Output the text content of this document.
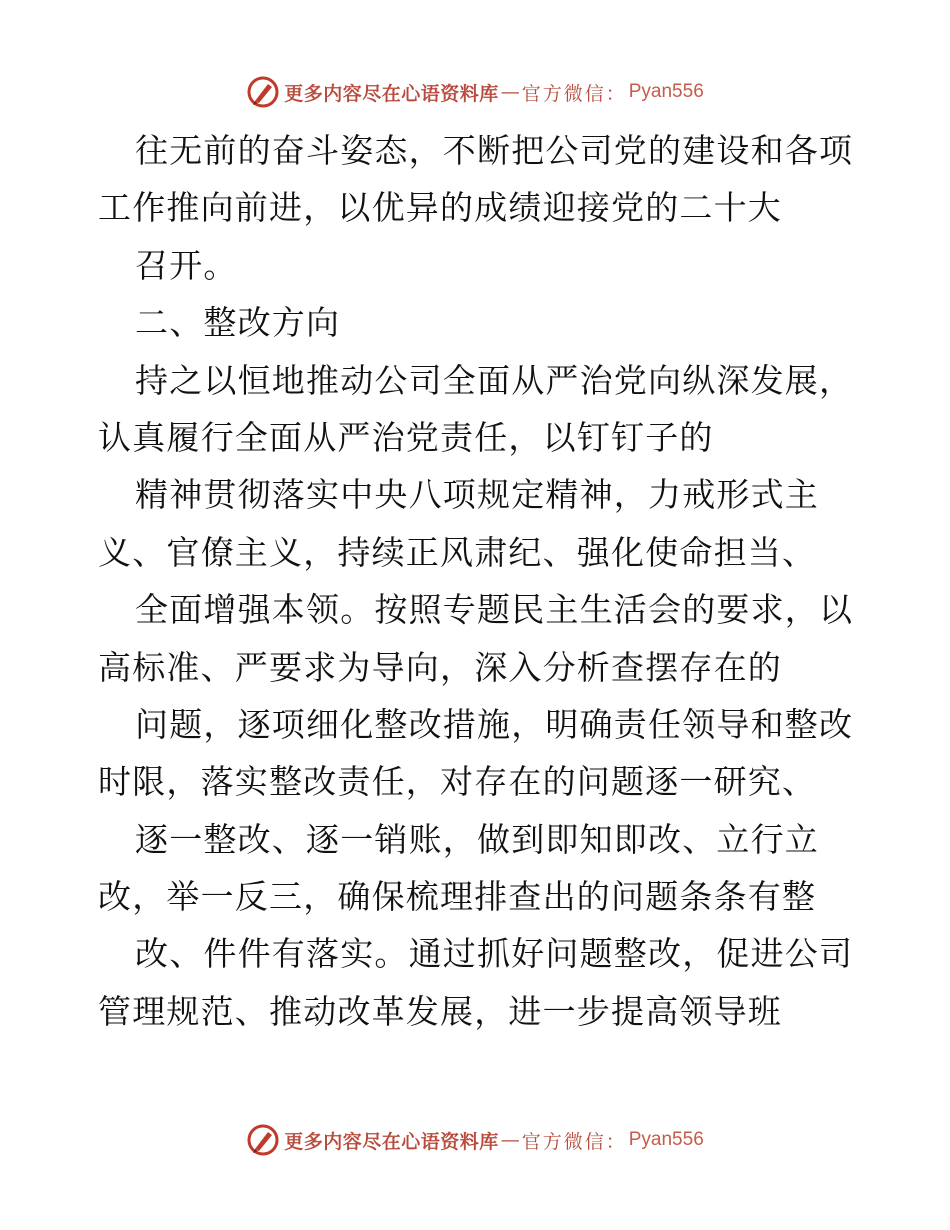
更多内容尽在心语资料库 — 官方微信： Pyan556
往无前的奋斗姿态，不断把公司党的建设和各项
工作推向前进，以优异的成绩迎接党的二十大
召开。
二、整改方向
持之以恒地推动公司全面从严治党向纵深发展，
认真履行全面从严治党责任，以钉钉子的
精神贯彻落实中央八项规定精神，力戒形式主
义、官僚主义，持续正风肃纪、强化使命担当、
全面增强本领。按照专题民主生活会的要求，以
高标准、严要求为导向，深入分析查摆存在的
问题，逐项细化整改措施，明确责任领导和整改
时限，落实整改责任，对存在的问题逐一研究、
逐一整改、逐一销账，做到即知即改、立行立
改，举一反三，确保梳理排查出的问题条条有整
改、件件有落实。通过抓好问题整改，促进公司
管理规范、推动改革发展，进一步提高领导班
更多内容尽在心语资料库 — 官方微信： Pyan556
